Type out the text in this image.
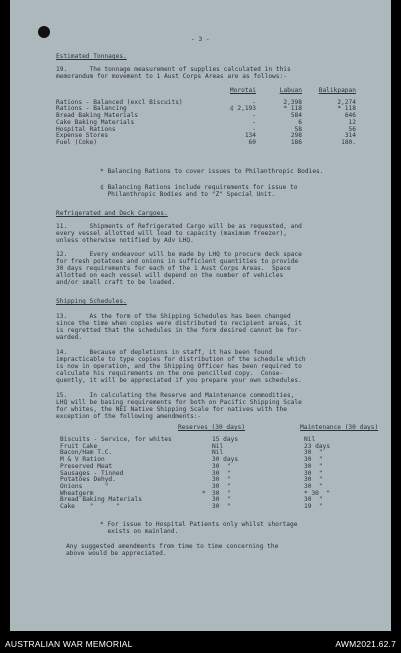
- 3 -
Estimated Tonnages.
19.      The tonnage measurement of supplies calculated in this
memorandum for movement to 1 Aust Corps Areas are as follows:-
	Morotai	Labuan	Balikpapan

Rations - Balanced (excl Biscuits)	-	2,398	2,274
Rations - Balancing	¢ 2,193	* 118	* 118
Bread Baking Materials	-	584	646
Cake Baking Materials	-	6	12
Hospital Rations	-	58	56
Expense Stores	134	298	314
Fuel (Coke)	60	186	180.
* Balancing Rations to cover issues to Philanthropic Bodies.
¢ Balancing Rations include requirements for issue to
Philanthropic Bodies and to "Z" Special Unit.
Refrigerated and Deck Cargoes.
11.      Shipments of Refrigerated Cargo will be as requested, and
every vessel allotted will load to capacity (maximum freezer),
unless otherwise notified by Adv LHQ.
12.      Every endeavour will be made by LHQ to procure deck space
for fresh potatoes and onions in sufficient quantities to provide
30 days requirements for each of the 1 Aust Corps Areas.  Space
allotted on each vessel will depend on the number of vehicles
and/or small craft to be loaded.
Shipping Schedules.
13.      As the form of the Shipping Schedules has been changed
since the time when copies were distributed to recipient areas, it
is regretted that the schedules in the form desired cannot be for-
warded.
14.      Because of depletions in staff, it has been found
impracticable to type copies for distribution of the schedule which
is now in operation, and the Shipping Officer has been required to
calculate his requirements on the one pencilled copy.  Conse-
quently, it will be appreciated if you prepare your own schedules.
15.      In calculating the Reserve and Maintenance commodities,
LHQ will be basing requirements for both on Pacific Shipping Scale
for whites, the NEI Native Shipping Scale for natives with the
exception of the following amendments:-
Reserves (30 days)	Maintenance (30 days)
Biscuits - Service, for whites		15 days	Nil
Fruit Cake		Nil	23 days
Bacon/Ham T.C.		Nil	30  "
M & V Ration		30 days	30  "
Preserved Meat		30  "	30  "
Sausages - Tinned		30  "	30  "
Potatoes Dehyd.		30  "	30  "
Onions      "		30  "	30  "
Wheatgerm	*	30  "	* 30  "
Bread Baking Materials		30  "	30  "
Cake    "      "		30  "	19  "
* For issue to Hospital Patients only whilst shortage
exists on mainland.
Any suggested amendments from time to time concerning the
above would be appreciated.
AUSTRALIAN WAR MEMORIAL	AWM2021.62.7
